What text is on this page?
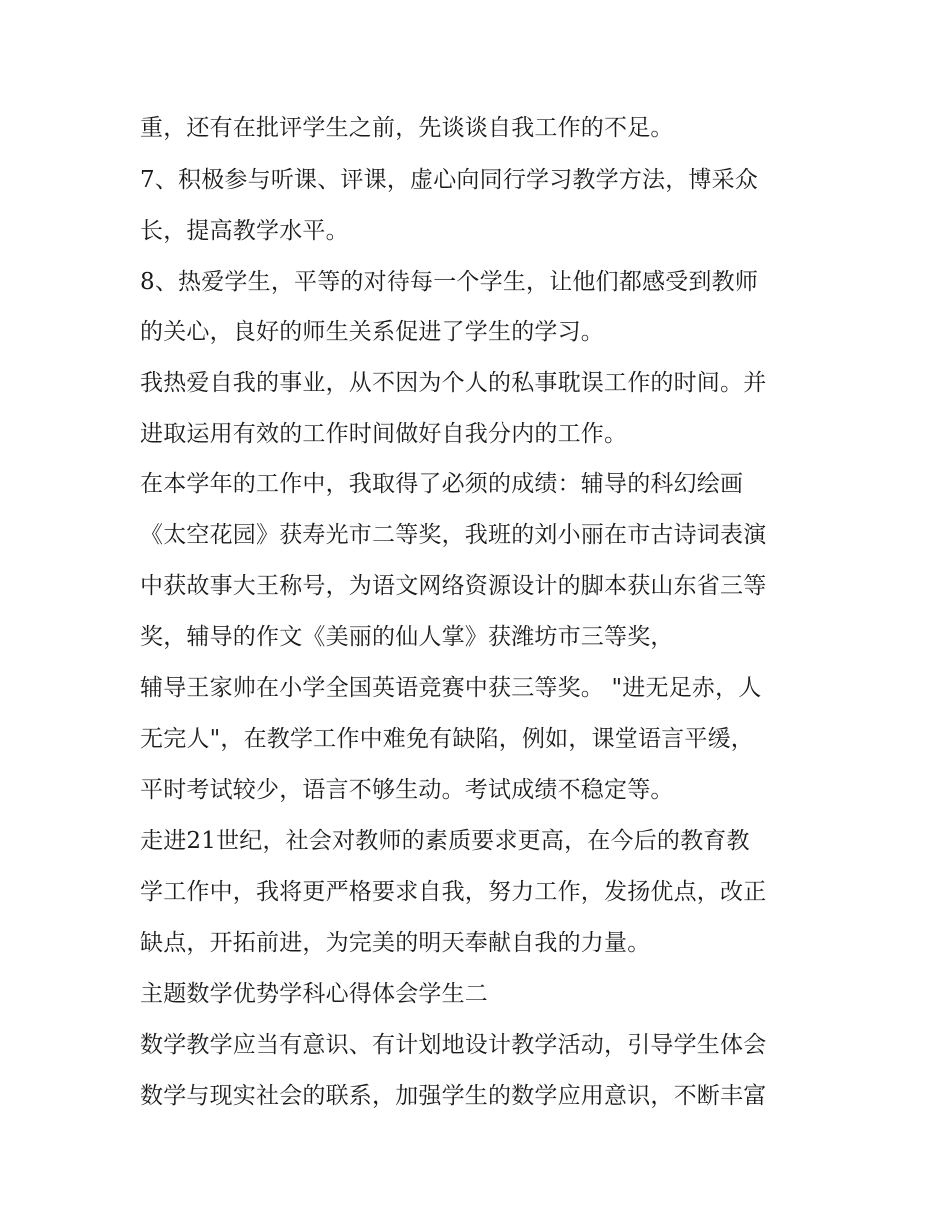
重，还有在批评学生之前，先谈谈自我工作的不足。
7、积极参与听课、评课，虚心向同行学习教学方法，博采众
长，提高教学水平。
8、热爱学生，平等的对待每一个学生，让他们都感受到教师
的关心，良好的师生关系促进了学生的学习。
我热爱自我的事业，从不因为个人的私事耽误工作的时间。并
进取运用有效的工作时间做好自我分内的工作。
在本学年的工作中，我取得了必须的成绩：辅导的科幻绘画
《太空花园》获寿光市二等奖，我班的刘小丽在市古诗词表演
中获故事大王称号，为语文网络资源设计的脚本获山东省三等
奖，辅导的作文《美丽的仙人掌》获潍坊市三等奖，
辅导王家帅在小学全国英语竞赛中获三等奖。 "进无足赤，人
无完人"，在教学工作中难免有缺陷，例如，课堂语言平缓，
平时考试较少，语言不够生动。考试成绩不稳定等。
走进21世纪，社会对教师的素质要求更高，在今后的教育教
学工作中，我将更严格要求自我，努力工作，发扬优点，改正
缺点，开拓前进，为完美的明天奉献自我的力量。
主题数学优势学科心得体会学生二
数学教学应当有意识、有计划地设计教学活动，引导学生体会
数学与现实社会的联系，加强学生的数学应用意识，不断丰富
